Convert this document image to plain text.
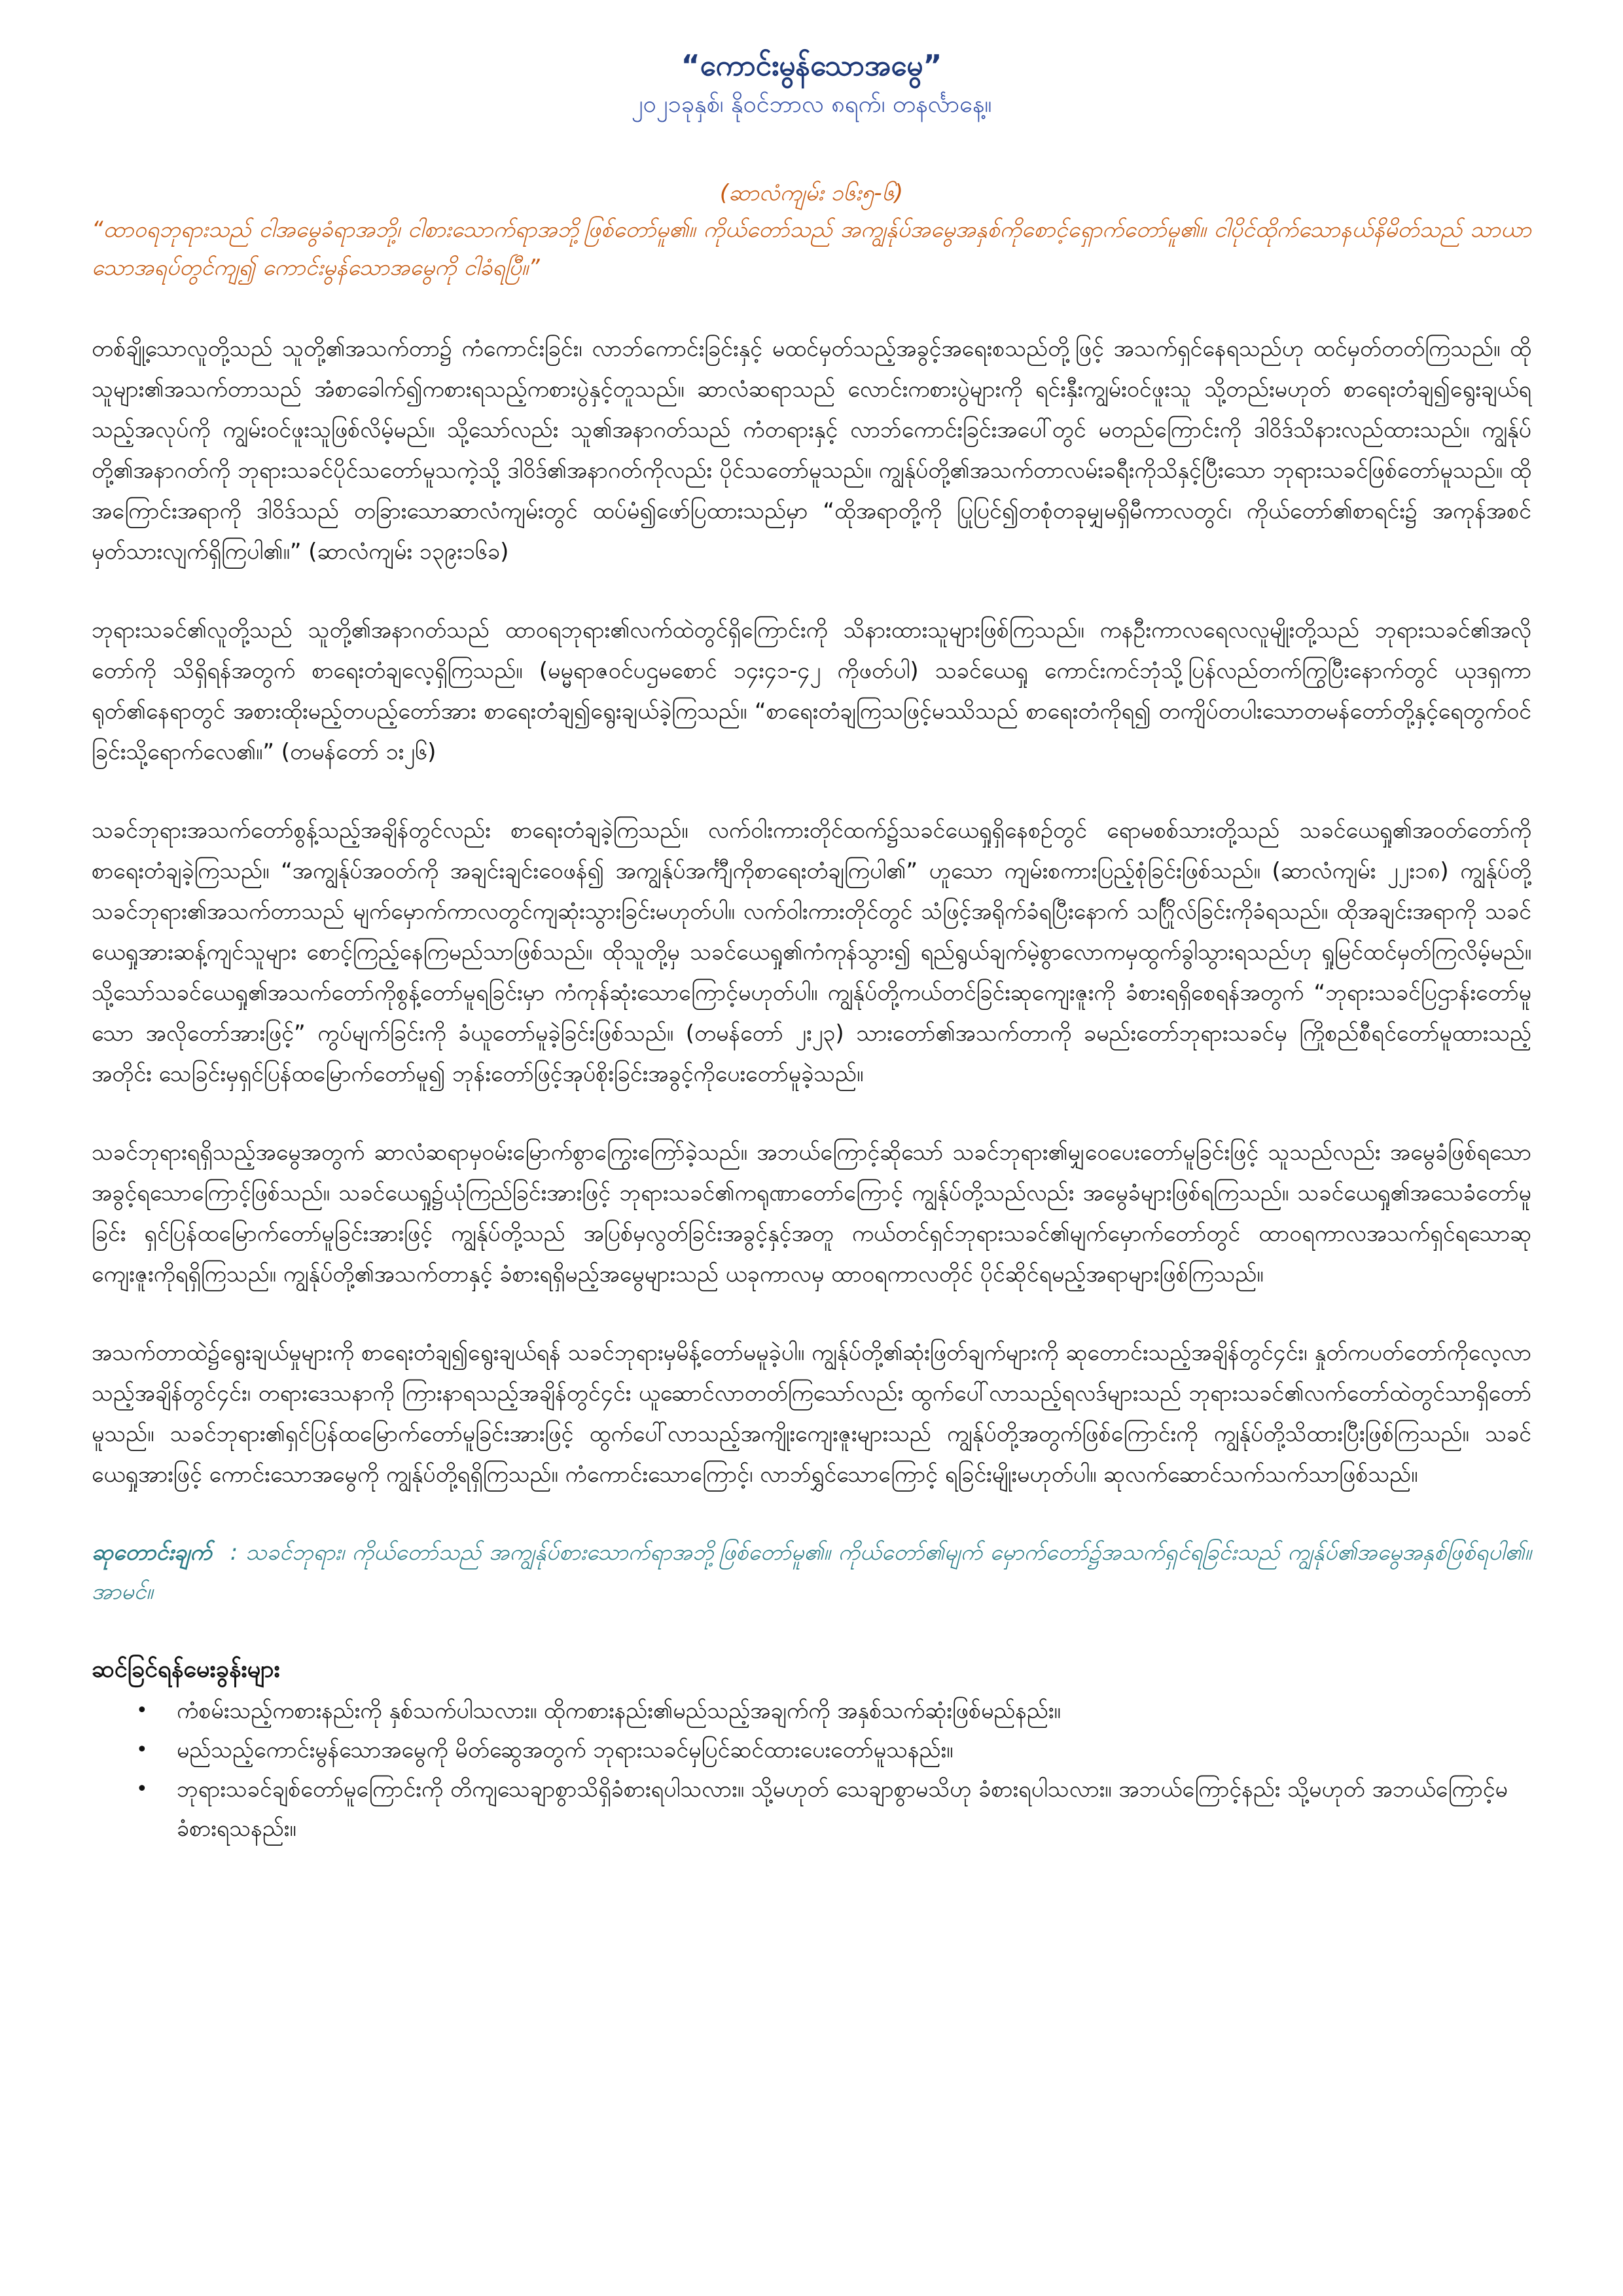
“ကောင်းမွန်သောအမွေ”

၂၀၂၁ခုနှစ်၊ နိုဝင်ဘာလ ၈ရက်၊ တနင်္လာနေ့။

(ဆာလံကျမ်း ၁၆း၅-၆)

“ထာဝရဘုရားသည် ငါအမွေခံရာအဘို့၊ ငါစားသောက်ရာအဘို့ဖြစ်တော်မူ၏။ ကိုယ်တော်သည် အကျွန်ုပ်အမွေအနှစ်ကိုစောင့်ရှောက်တော်မူ၏။ ငါပိုင်ထိုက်သောနယ်နိမိတ်သည် သာယာသောအရပ်တွင်ကျ၍ ကောင်းမွန်သောအမွေကို ငါခံရပြီ။”

တစ်ချို့သောလူတို့သည် သူတို့၏အသက်တာ၌ ကံကောင်းခြင်း၊ လာဘ်ကောင်းခြင်းနှင့် မထင်မှတ်သည့်အခွင့်အရေးစသည်တို့ဖြင့် အသက်ရှင်နေရသည်ဟု ထင်မှတ်တတ်ကြသည်။ ထိုသူများ၏အသက်တာသည် အံစာခေါက်၍ကစားရသည့်ကစားပွဲနှင့်တူသည်။ ဆာလံဆရာသည် လောင်းကစားပွဲများကို ရင်းနှီးကျွမ်းဝင်ဖူးသူ သို့တည်းမဟုတ် စာရေးတံချ၍ရွေးချယ်ရသည့်အလုပ်ကို ကျွမ်းဝင်ဖူးသူဖြစ်လိမ့်မည်။ သို့သော်လည်း သူ၏အနာဂတ်သည် ကံတရားနှင့် လာဘ်ကောင်းခြင်းအပေါ်တွင် မတည်ကြောင်းကို ဒါဝိဒ်သိနားလည်ထားသည်။ ကျွန်ုပ်တို့၏အနာဂတ်ကို ဘုရားသခင်ပိုင်သတော်မူသကဲ့သို့ ဒါဝိဒ်၏အနာဂတ်ကိုလည်း ပိုင်သတော်မူသည်။ ကျွန်ုပ်တို့၏အသက်တာလမ်းခရီးကိုသိနှင့်ပြီးသော ဘုရားသခင်ဖြစ်တော်မူသည်။ ထိုအကြောင်းအရာကို ဒါဝိဒ်သည် တခြားသောဆာလံကျမ်းတွင် ထပ်မံ၍ဖော်ပြထားသည်မှာ “ထိုအရာတို့ကို ပြုပြင်၍တစုံတခုမျှမရှိမီကာလတွင်၊ ကိုယ်တော်၏စာရင်း၌ အကုန်အစင်မှတ်သားလျက်ရှိကြပါ၏။” (ဆာလံကျမ်း ၁၃၉း၁၆ခ)

ဘုရားသခင်၏လူတို့သည် သူတို့၏အနာဂတ်သည် ထာဝရဘုရား၏လက်ထဲတွင်ရှိကြောင်းကို သိနားထားသူများဖြစ်ကြသည်။ ကနဦးကာလရေလလူမျိုးတို့သည် ဘုရားသခင်၏အလိုတော်ကို သိရှိရန်အတွက် စာရေးတံချလေ့ရှိကြသည်။ (မမ္မရာဇဝင်ပဌမစောင် ၁၄း၄၁-၄၂ ကိုဖတ်ပါ) သခင်ယေရှု ကောင်းကင်ဘုံသို့ပြန်လည်တက်ကြွပြီးနောက်တွင် ယုဒရှကာရုတ်၏နေရာတွင် အစားထိုးမည့်တပည့်တော်အား စာရေးတံချ၍ရွေးချယ်ခဲ့ကြသည်။ “စာရေးတံချကြသဖြင့်မဿိသည် စာရေးတံကိုရ၍ တကျိပ်တပါးသောတမန်တော်တို့နှင့်ရေတွက်ဝင်ခြင်းသို့ရောက်လေ၏။” (တမန်တော် ၁း၂၆)

သခင်ဘုရားအသက်တော်စွန့်သည့်အချိန်တွင်လည်း စာရေးတံချခဲ့ကြသည်။ လက်ဝါးကားတိုင်ထက်၌သခင်ယေရှုရှိနေစဉ်တွင် ရောမစစ်သားတို့သည် သခင်ယေရှု၏အဝတ်တော်ကို စာရေးတံချခဲ့ကြသည်။ “အကျွန်ုပ်အဝတ်ကို အချင်းချင်းဝေဖန်၍ အကျွန်ုပ်အင်္ကျီကိုစာရေးတံချကြပါ၏” ဟူသော ကျမ်းစကားပြည့်စုံခြင်းဖြစ်သည်။ (ဆာလံကျမ်း ၂၂း၁၈) ကျွန်ုပ်တို့သခင်ဘုရား၏အသက်တာသည် မျက်မှောက်ကာလတွင်ကျဆုံးသွားခြင်းမဟုတ်ပါ။ လက်ဝါးကားတိုင်တွင် သံဖြင့်အရိုက်ခံရပြီးနောက် သင်္ဂြိုလ်ခြင်းကိုခံရသည်။ ထိုအချင်းအရာကို သခင်ယေရှုအားဆန့်ကျင်သူများ စောင့်ကြည့်နေကြမည်သာဖြစ်သည်။ ထိုသူတို့မှ သခင်ယေရှု၏ကံကုန်သွား၍ ရည်ရွယ်ချက်မဲ့စွာလောကမှထွက်ခွါသွားရသည်ဟု ရှုမြင်ထင်မှတ်ကြလိမ့်မည်။ သို့သော်သခင်ယေရှု၏အသက်တော်ကိုစွန့်တော်မူရခြင်းမှာ ကံကုန်ဆုံးသောကြောင့်မဟုတ်ပါ။ ကျွန်ုပ်တို့ကယ်တင်ခြင်းဆုကျေးဇူးကို ခံစားရရှိစေရန်အတွက် “ဘုရားသခင်ပြဌာန်းတော်မူသော အလိုတော်အားဖြင့်” ကွပ်မျက်ခြင်းကို ခံယူတော်မူခဲ့ခြင်းဖြစ်သည်။ (တမန်တော် ၂း၂၃) သားတော်၏အသက်တာကို ခမည်းတော်ဘုရားသခင်မှ ကြိုစည်စီရင်တော်မူထားသည့်အတိုင်း သေခြင်းမှရှင်ပြန်ထမြောက်တော်မူ၍ ဘုန်းတော်ဖြင့်အုပ်စိုးခြင်းအခွင့်ကိုပေးတော်မူခဲ့သည်။

သခင်ဘုရားရရှိသည့်အမွေအတွက် ဆာလံဆရာမှဝမ်းမြောက်စွာကြွေးကြော်ခဲ့သည်။ အဘယ်ကြောင့်ဆိုသော် သခင်ဘုရား၏မျှဝေပေးတော်မူခြင်းဖြင့် သူသည်လည်း အမွေခံဖြစ်ရသောအခွင့်ရသောကြောင့်ဖြစ်သည်။ သခင်ယေရှု၌ယုံကြည်ခြင်းအားဖြင့် ဘုရားသခင်၏ကရုဏာတော်ကြောင့် ကျွန်ုပ်တို့သည်လည်း အမွေခံများဖြစ်ရကြသည်။ သခင်ယေရှု၏အသေခံတော်မူခြင်း ရှင်ပြန်ထမြောက်တော်မူခြင်းအားဖြင့် ကျွန်ုပ်တို့သည် အပြစ်မှလွတ်ခြင်းအခွင့်နှင့်အတူ ကယ်တင်ရှင်ဘုရားသခင်၏မျက်မှောက်တော်တွင် ထာဝရကာလအသက်ရှင်ရသောဆုကျေးဇူးကိုရရှိကြသည်။ ကျွန်ုပ်တို့၏အသက်တာနှင့် ခံစားရရှိမည့်အမွေများသည် ယခုကာလမှ ထာဝရကာလတိုင် ပိုင်ဆိုင်ရမည့်အရာများဖြစ်ကြသည်။

အသက်တာထဲ၌ရွေးချယ်မှုများကို စာရေးတံချ၍ရွေးချယ်ရန် သခင်ဘုရားမှမိန့်တော်မမူခဲ့ပါ။ ကျွန်ုပ်တို့၏ဆုံးဖြတ်ချက်များကို ဆုတောင်းသည့်အချိန်တွင်၄င်း၊ နှုတ်ကပတ်တော်ကိုလေ့လာသည့်အချိန်တွင်၄င်း၊ တရားဒေသနာကို ကြားနာရသည့်အချိန်တွင်၄င်း ယူဆောင်လာတတ်ကြသော်လည်း ထွက်ပေါ်လာသည့်ရလဒ်များသည် ဘုရားသခင်၏လက်တော်ထဲတွင်သာရှိတော်မူသည်။ သခင်ဘုရား၏ရှင်ပြန်ထမြောက်တော်မူခြင်းအားဖြင့် ထွက်ပေါ်လာသည့်အကျိုးကျေးဇူးများသည် ကျွန်ုပ်တို့အတွက်ဖြစ်ကြောင်းကို ကျွန်ုပ်တို့သိထားပြီးဖြစ်ကြသည်။ သခင်ယေရှုအားဖြင့် ကောင်းသောအမွေကို ကျွန်ုပ်တို့ရရှိကြသည်။ ကံကောင်းသောကြောင့်၊ လာဘ်ရွှင်သောကြောင့် ရခြင်းမျိုးမဟုတ်ပါ။ ဆုလက်ဆောင်သက်သက်သာဖြစ်သည်။

ဆုတောင်းချက် : သခင်ဘုရား၊ ကိုယ်တော်သည် အကျွန်ုပ်စားသောက်ရာအဘို့ဖြစ်တော်မူ၏။ ကိုယ်တော်၏မျက် မှောက်တော်၌အသက်ရှင်ရခြင်းသည် ကျွန်ုပ်၏အမွေအနှစ်ဖြစ်ရပါ၏။ အာမင်။

ဆင်ခြင်ရန်မေးခွန်းများ

• ကံစမ်းသည့်ကစားနည်းကို နှစ်သက်ပါသလား။ ထိုကစားနည်း၏မည်သည့်အချက်ကို အနှစ်သက်ဆုံးဖြစ်မည်နည်း။
• မည်သည့်ကောင်းမွန်သောအမွေကို မိတ်ဆွေအတွက် ဘုရားသခင်မှပြင်ဆင်ထားပေးတော်မူသနည်း။
• ဘုရားသခင်ချစ်တော်မူကြောင်းကို တိကျသေချာစွာသိရှိခံစားရပါသလား။ သို့မဟုတ် သေချာစွာမသိဟု ခံစားရပါသလား။ အဘယ်ကြောင့်နည်း သို့မဟုတ် အဘယ်ကြောင့်မခံစားရသနည်း။
